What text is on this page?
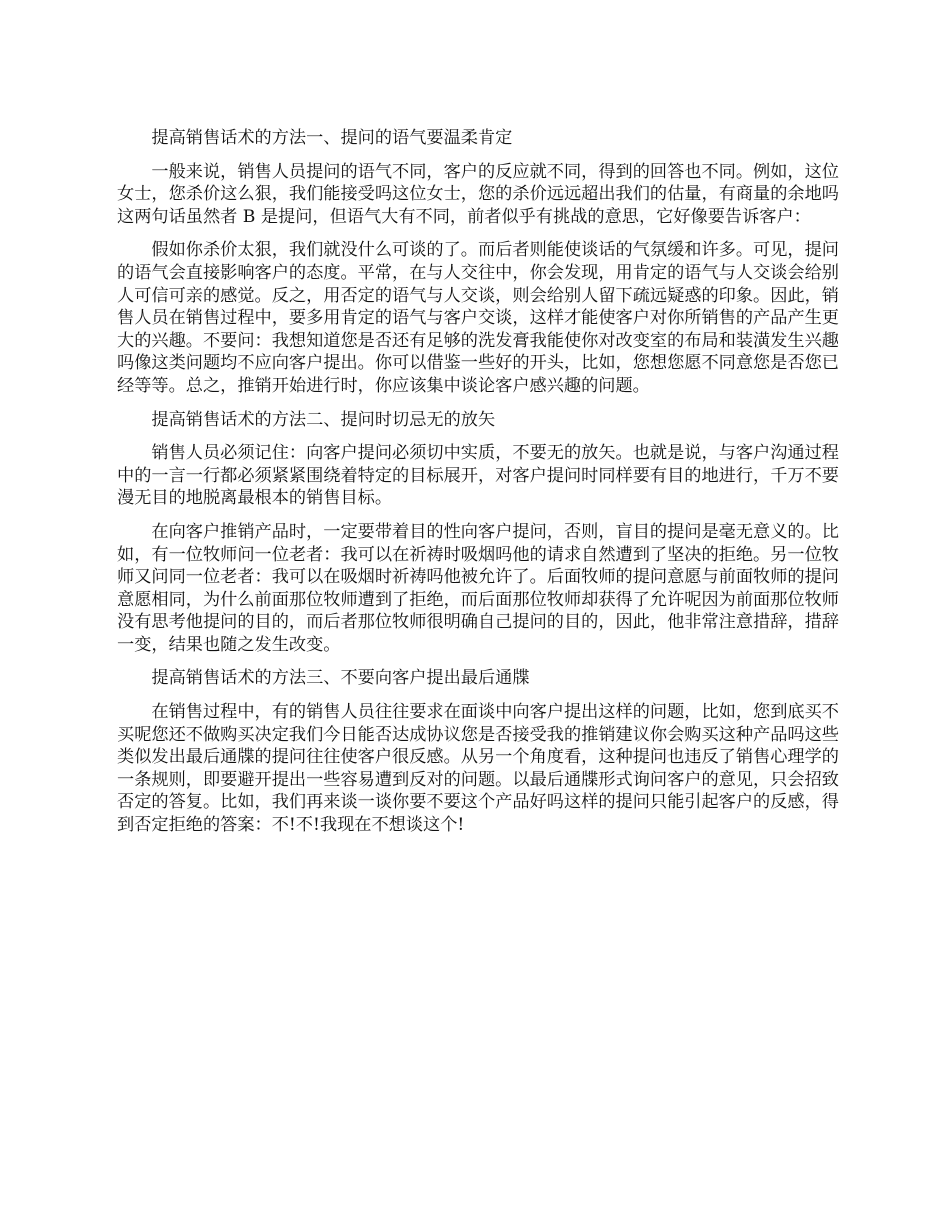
提高销售话术的方法一、提问的语气要温柔肯定

一般来说，销售人员提问的语气不同，客户的反应就不同，得到的回答也不同。例如，这位女士，您杀价这么狠，我们能接受吗这位女士，您的杀价远远超出我们的估量，有商量的余地吗这两句话虽然者 B 是提问，但语气大有不同，前者似乎有挑战的意思，它好像要告诉客户：

假如你杀价太狠，我们就没什么可谈的了。而后者则能使谈话的气氛缓和许多。可见，提问的语气会直接影响客户的态度。平常，在与人交往中，你会发现，用肯定的语气与人交谈会给别人可信可亲的感觉。反之，用否定的语气与人交谈，则会给别人留下疏远疑惑的印象。因此，销售人员在销售过程中，要多用肯定的语气与客户交谈，这样才能使客户对你所销售的产品产生更大的兴趣。不要问：我想知道您是否还有足够的洗发膏我能使你对改变室的布局和装潢发生兴趣吗像这类问题均不应向客户提出。你可以借鉴一些好的开头，比如，您想您愿不同意您是否您已经等等。总之，推销开始进行时，你应该集中谈论客户感兴趣的问题。

提高销售话术的方法二、提问时切忌无的放矢

销售人员必须记住：向客户提问必须切中实质，不要无的放矢。也就是说，与客户沟通过程中的一言一行都必须紧紧围绕着特定的目标展开，对客户提问时同样要有目的地进行，千万不要漫无目的地脱离最根本的销售目标。

在向客户推销产品时，一定要带着目的性向客户提问，否则，盲目的提问是毫无意义的。比如，有一位牧师问一位老者：我可以在祈祷时吸烟吗他的请求自然遭到了坚决的拒绝。另一位牧师又问同一位老者：我可以在吸烟时祈祷吗他被允许了。后面牧师的提问意愿与前面牧师的提问意愿相同，为什么前面那位牧师遭到了拒绝，而后面那位牧师却获得了允许呢因为前面那位牧师没有思考他提问的目的，而后者那位牧师很明确自己提问的目的，因此，他非常注意措辞，措辞一变，结果也随之发生改变。

提高销售话术的方法三、不要向客户提出最后通牒

在销售过程中，有的销售人员往往要求在面谈中向客户提出这样的问题，比如，您到底买不买呢您还不做购买决定我们今日能否达成协议您是否接受我的推销建议你会购买这种产品吗这些类似发出最后通牒的提问往往使客户很反感。从另一个角度看，这种提问也违反了销售心理学的一条规则，即要避开提出一些容易遭到反对的问题。以最后通牒形式询问客户的意见，只会招致否定的答复。比如，我们再来谈一谈你要不要这个产品好吗这样的提问只能引起客户的反感，得到否定拒绝的答案：不!不!我现在不想谈这个!
